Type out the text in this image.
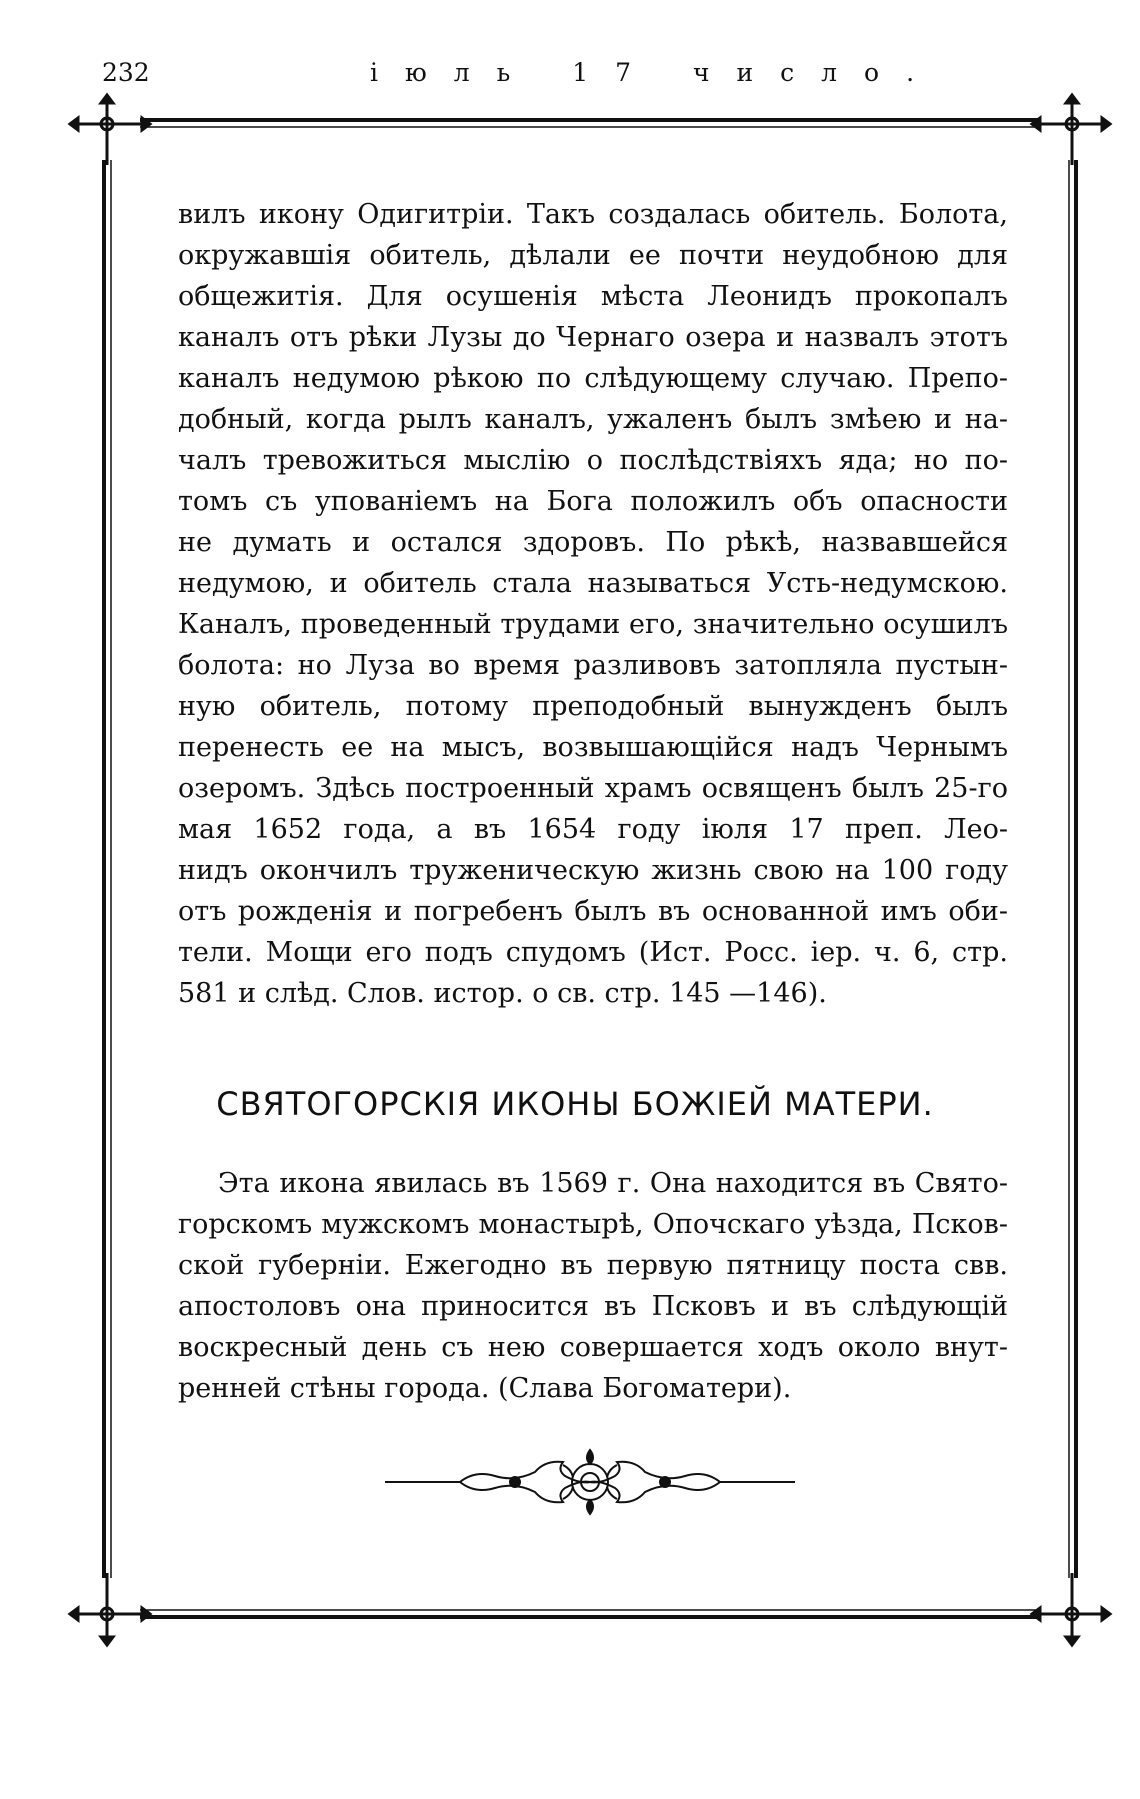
232	іюль 17 число.
вилъ икону Одигитріи. Такъ создалась обитель. Болота,
окружавшія обитель, дѣлали ее почти неудобною для
общежитія. Для осушенія мѣста Леонидъ прокопалъ
каналъ отъ рѣки Лузы до Чернаго озера и назвалъ этотъ
каналъ недумою рѣкою по слѣдующему случаю. Препо-
добный, когда рылъ каналъ, ужаленъ былъ змѣею и на-
чалъ тревожиться мыслію о послѣдствіяхъ яда; но по-
томъ съ упованіемъ на Бога положилъ объ опасности
не думать и остался здоровъ. По рѣкѣ, назвавшейся
недумою, и обитель стала называться Усть-недумскою.
Каналъ, проведенный трудами его, значительно осушилъ
болота: но Луза во время разливовъ затопляла пустын-
ную обитель, потому преподобный вынужденъ былъ
перенесть ее на мысъ, возвышающійся надъ Чернымъ
озеромъ. Здѣсь построенный храмъ освященъ былъ 25-го
мая 1652 года, а въ 1654 году іюля 17 преп. Лео-
нидъ окончилъ труженическую жизнь свою на 100 году
отъ рожденія и погребенъ былъ въ основанной имъ оби-
тели. Мощи его подъ спудомъ (Ист. Росс. іер. ч. 6, стр.
581 и слѣд. Слов. истор. о св. стр. 145 —146).
СВЯТОГОРСКІЯ ИКОНЫ БОЖІЕЙ МАТЕРИ.
Эта икона явилась въ 1569 г. Она находится въ Свято-
горскомъ мужскомъ монастырѣ, Опочскаго уѣзда, Псков-
ской губерніи. Ежегодно въ первую пятницу поста свв.
апостоловъ она приносится въ Псковъ и въ слѣдующій
воскресный день съ нею совершается ходъ около внут-
ренней стѣны города. (Слава Богоматери).
